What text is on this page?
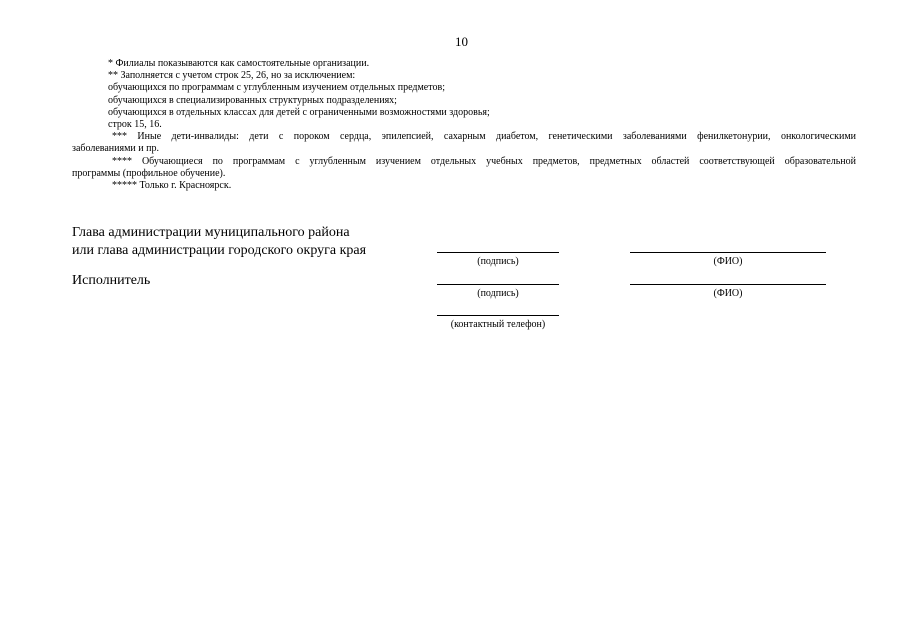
10
* Филиалы показываются как самостоятельные организации.
** Заполняется с учетом строк 25, 26, но за исключением:
обучающихся по программам с углубленным изучением отдельных предметов;
обучающихся в специализированных структурных подразделениях;
обучающихся в отдельных классах для детей с ограниченными возможностями здоровья;
строк 15, 16.
*** Иные дети-инвалиды: дети с пороком сердца, эпилепсией, сахарным диабетом, генетическими заболеваниями фенилкетонурии, онкологическими
заболеваниями и пр.
**** Обучающиеся по программам с углубленным изучением отдельных учебных предметов, предметных областей соответствующей образовательной
программы (профильное обучение).
***** Только г. Красноярск.
Глава администрации муниципального района
или глава администрации городского округа края
(подпись)	(ФИО)
Исполнитель
(подпись)	(ФИО)
(контактный телефон)
